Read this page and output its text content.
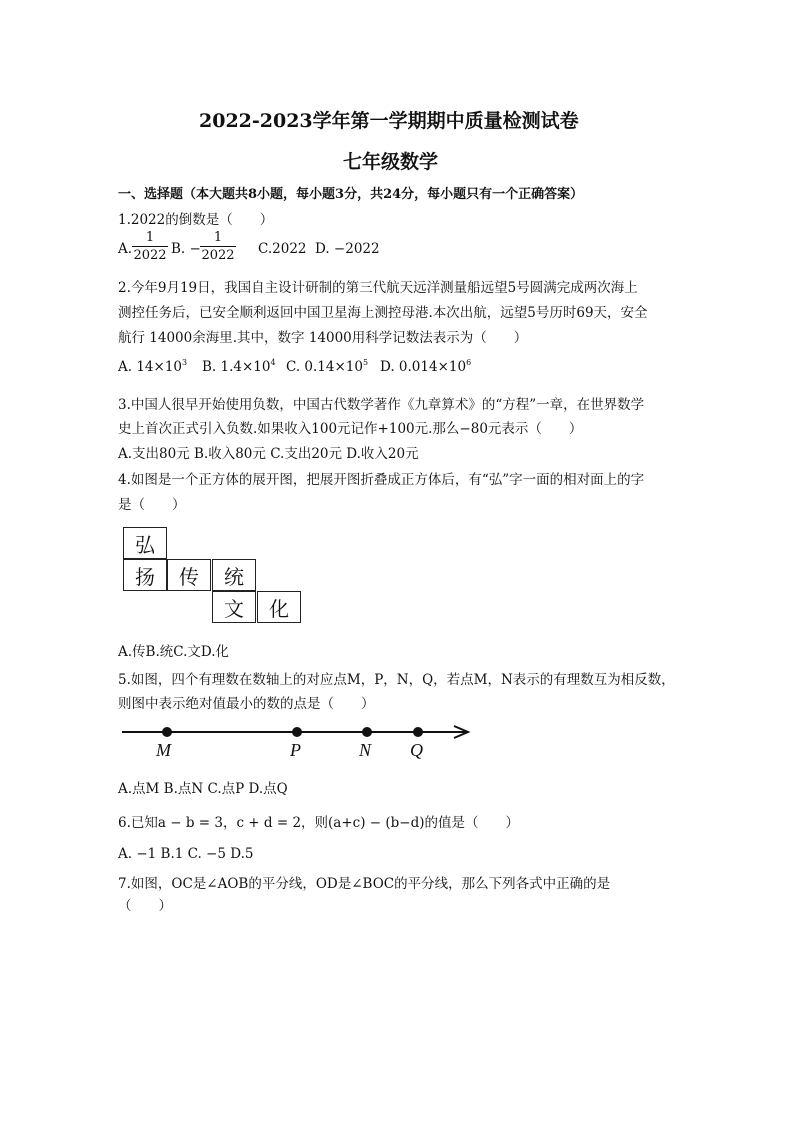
2022-2023学年第一学期期中质量检测试卷
七年级数学
一、选择题（本大题共8小题，每小题3分，共24分，每小题只有一个正确答案）
1.2022的倒数是（　　）
A.
1
2022 B. −
1
2022 C.2022 D. −2022
2.今年9月19日，我国自主设计研制的第三代航天远洋测量船远望5号圆满完成两次海上
测控任务后，已安全顺利返回中国卫星海上测控母港.本次出航，远望5号历时69天，安全
航行 14000余海里.其中，数字 14000用科学记数法表示为（　　）
A. $14\times 10^3$ B. $1.4\times 10^4$ C. $0.14\times 10^5$ D. $0.014\times 10^6$
3.中国人很早开始使用负数，中国古代数学著作《九章算术》的“方程”一章，在世界数学
史上首次正式引入负数.如果收入100元记作+100元.那么−80元表示（　　）
A.支出80元 B.收入80元 C.支出20元 D.收入20元
4.如图是一个正方体的展开图，把展开图折叠成正方体后，有“弘”字一面的相对面上的字
是（　　）
弘
扬	传	统
文	化
A.传B.统C.文D.化
5.如图，四个有理数在数轴上的对应点M，P，N，Q，若点M，N表示的有理数互为相反数，
则图中表示绝对值最小的数的点是（　　）
M	P	N Q
A.点M B.点N C.点P D.点Q
6.已知a − b = 3，c + d = 2，则(a+c) − (b−d)的值是（　　）
A. −1 B.1 C. −5 D.5
7.如图，OC是∠AOB的平分线，OD是∠BOC的平分线，那么下列各式中正确的是
（　　）
